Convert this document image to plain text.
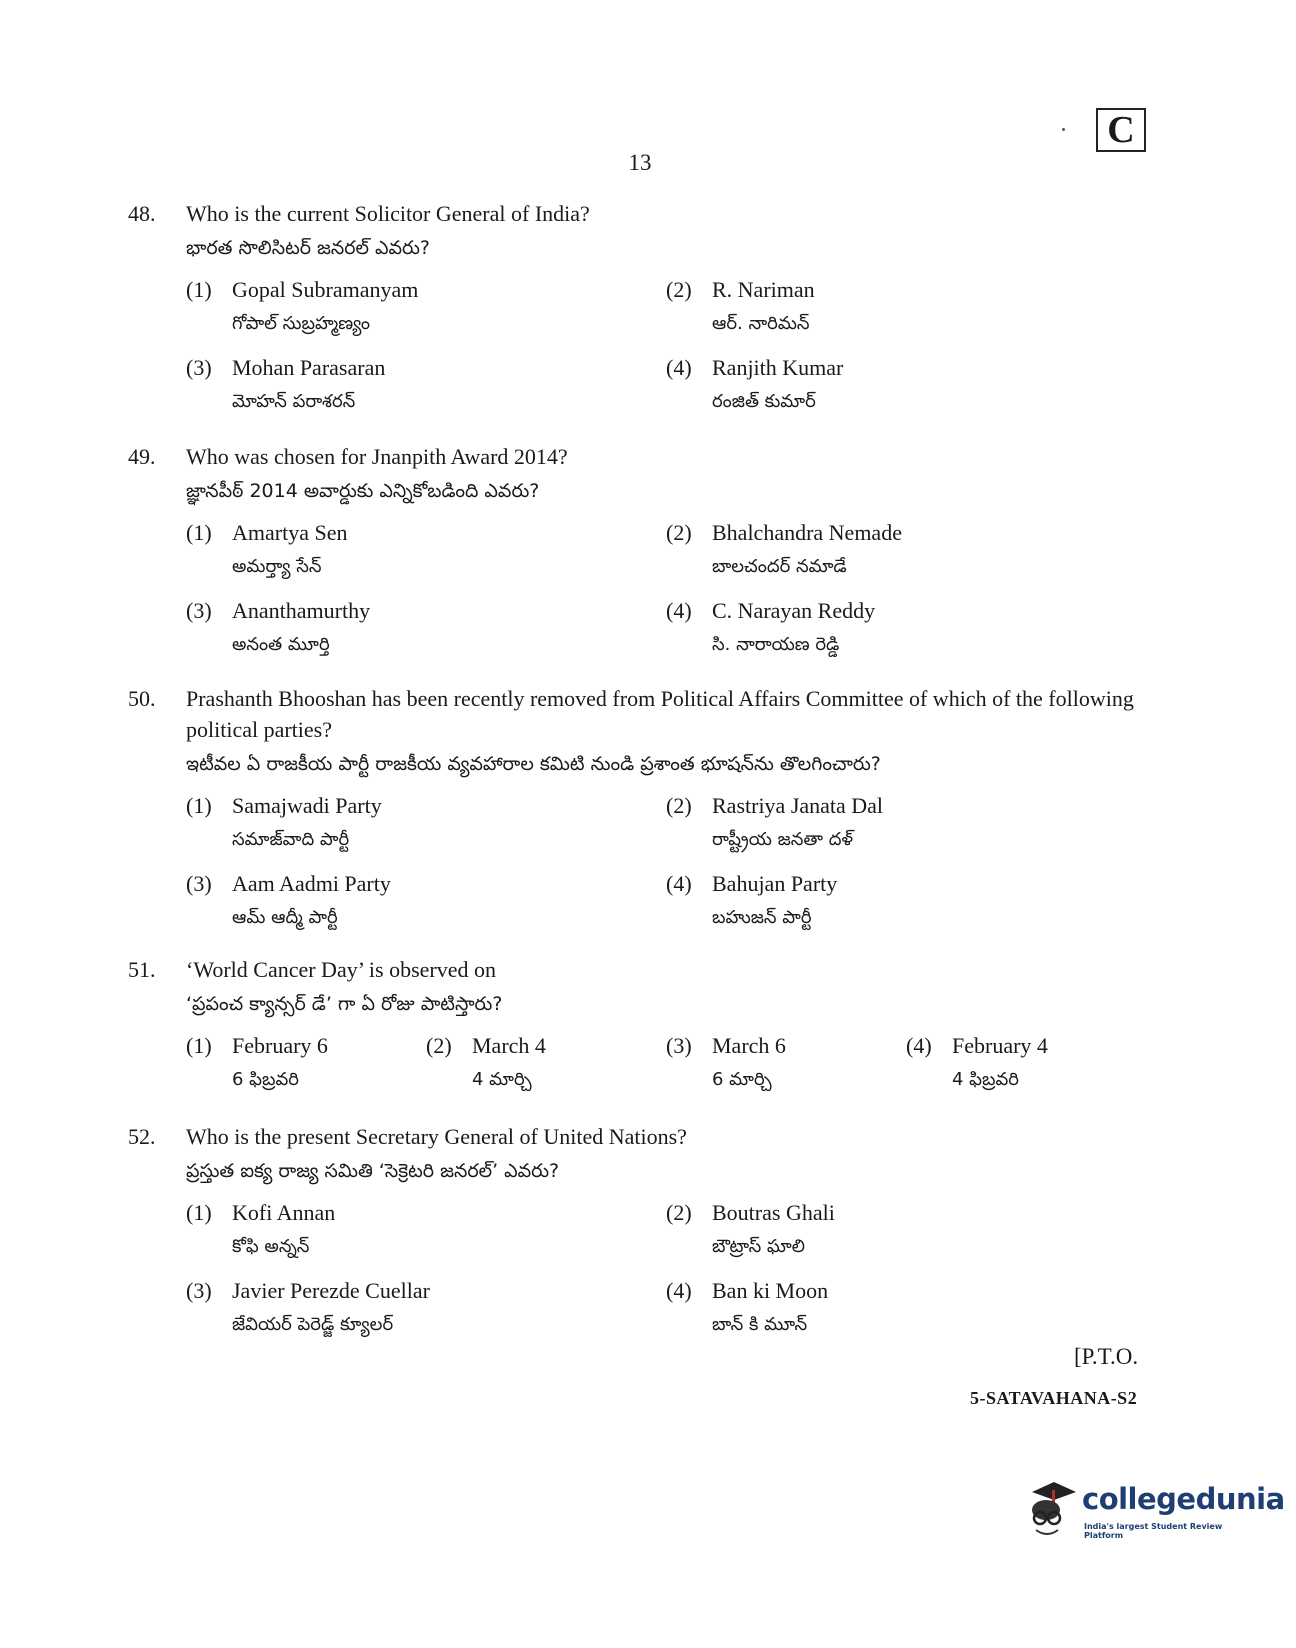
C
13
48.	Who is the current Solicitor General of India?
భారత సొలిసిటర్ జనరల్ ఎవరు?
(1) Gopal Subramanyam
గోపాల్ సుబ్రహ్మణ్యం
(2) R. Nariman
ఆర్. నారిమన్
(3) Mohan Parasaran
మోహన్ పరాశరన్
(4) Ranjith Kumar
రంజిత్ కుమార్
49.	Who was chosen for Jnanpith Award 2014?
జ్ఞానపీఠ్ 2014 అవార్డుకు ఎన్నికోబడింది ఎవరు?
(1) Amartya Sen
అమర్త్యా సేన్
(2) Bhalchandra Nemade
బాలచందర్ నమాడే
(3) Ananthamurthy
అనంత మూర్తి
(4) C. Narayan Reddy
సి. నారాయణ రెడ్డి
50.	Prashanth Bhooshan has been recently removed from Political Affairs Committee of which of the following political parties?
ఇటీవల ఏ రాజకీయ పార్టీ రాజకీయ వ్యవహారాల కమిటి నుండి ప్రశాంత భూషన్‌ను తొలగించారు?
(1) Samajwadi Party
సమాజ్‌వాది పార్టీ
(2) Rastriya Janata Dal
రాష్ట్రీయ జనతా దళ్
(3) Aam Aadmi Party
ఆమ్ ఆద్మీ పార్టీ
(4) Bahujan Party
బహుజన్ పార్టీ
51.	‘World Cancer Day’ is observed on
‘ప్రపంచ క్యాన్సర్ డే’ గా ఏ రోజు పాటిస్తారు?
(1) February 6
6 ఫిబ్రవరి
(2) March 4
4 మార్చి
(3) March 6
6 మార్చి
(4) February 4
4 ఫిబ్రవరి
52.	Who is the present Secretary General of United Nations?
ప్రస్తుత ఐక్య రాజ్య సమితి ‘సెక్రెటరి జనరల్’ ఎవరు?
(1) Kofi Annan
కోఫి అన్నన్
(2) Boutras Ghali
బౌట్రాస్ ఘాలి
(3) Javier Perezde Cuellar
జేవియర్ పెరెడ్జ్ క్యూలర్
(4) Ban ki Moon
బాన్ కి మూన్
[P.T.O.
5-SATAVAHANA-S2
collegedunia
India's largest Student Review Platform
